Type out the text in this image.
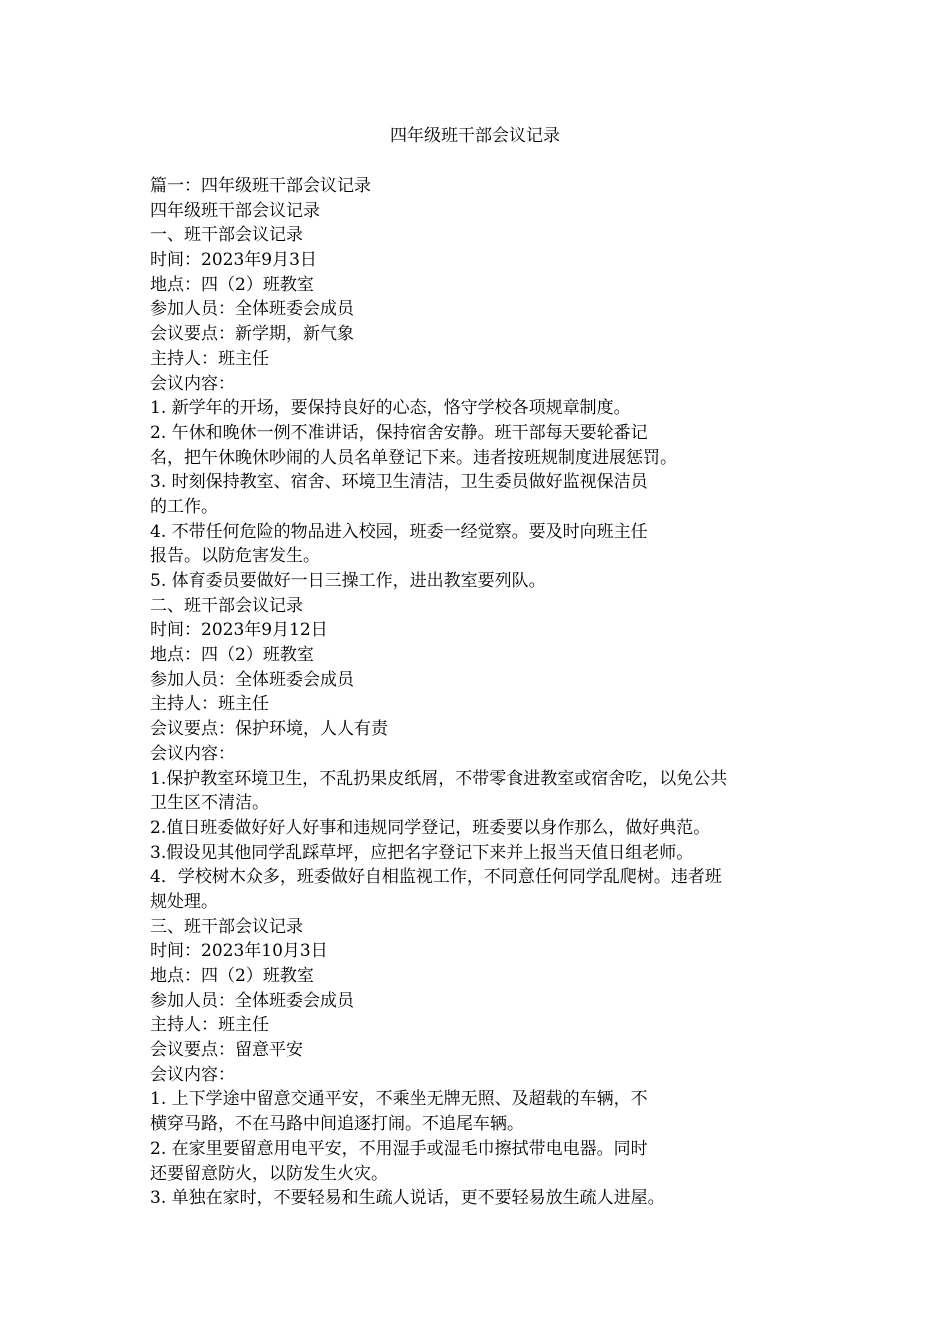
四年级班干部会议记录
篇一：四年级班干部会议记录
四年级班干部会议记录
一、班干部会议记录
时间：2023年9月3日
地点：四（2）班教室
参加人员：全体班委会成员
会议要点：新学期，新气象
主持人：班主任
会议内容：
1. 新学年的开场，要保持良好的心态，恪守学校各项规章制度。
2. 午休和晚休一例不准讲话，保持宿舍安静。班干部每天要轮番记
名，把午休晚休吵闹的人员名单登记下来。违者按班规制度进展惩罚。
3. 时刻保持教室、宿舍、环境卫生清洁，卫生委员做好监视保洁员
的工作。
4. 不带任何危险的物品进入校园，班委一经觉察。要及时向班主任
报告。以防危害发生。
5. 体育委员要做好一日三操工作，进出教室要列队。
二、班干部会议记录
时间：2023年9月12日
地点：四（2）班教室
参加人员：全体班委会成员
主持人：班主任
会议要点：保护环境，人人有责
会议内容：
1.保护教室环境卫生，不乱扔果皮纸屑，不带零食进教室或宿舍吃，以免公共
卫生区不清洁。
2.值日班委做好好人好事和违规同学登记，班委要以身作那么，做好典范。
3.假设见其他同学乱踩草坪，应把名字登记下来并上报当天值日组老师。
4．学校树木众多，班委做好自相监视工作，不同意任何同学乱爬树。违者班
规处理。
三、班干部会议记录
时间：2023年10月3日
地点：四（2）班教室
参加人员：全体班委会成员
主持人：班主任
会议要点：留意平安
会议内容：
1. 上下学途中留意交通平安，不乘坐无牌无照、及超载的车辆，不
横穿马路，不在马路中间追逐打闹。不追尾车辆。
2. 在家里要留意用电平安，不用湿手或湿毛巾擦拭带电电器。同时
还要留意防火，以防发生火灾。
3. 单独在家时，不要轻易和生疏人说话，更不要轻易放生疏人进屋。
